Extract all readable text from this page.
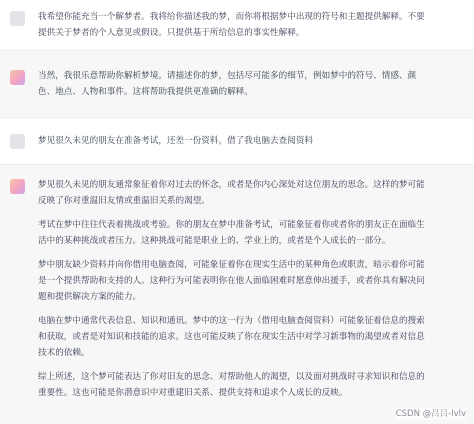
我希望你能充当一个解梦者。我将给你描述我的梦，而你将根据梦中出现的符号和主题提供解释。不要

提供关于梦者的个人意见或假设。只提供基于所给信息的事实性解释。

当然，我很乐意帮助你解析梦境。请描述你的梦，包括尽可能多的细节，例如梦中的符号、情感、颜

色、地点、人物和事件。这将帮助我提供更准确的解释。

梦见很久未见的朋友在准备考试，还差一份资料，借了我电脑去查阅资料

梦见很久未见的朋友通常象征着你对过去的怀念，或者是你内心深处对这位朋友的思念。这样的梦可能

反映了你对重温旧友情或重温旧关系的渴望。

考试在梦中往往代表着挑战或考验。你的朋友在梦中准备考试，可能象征着你或者你的朋友正在面临生

活中的某种挑战或者压力。这种挑战可能是职业上的、学业上的，或者是个人成长的一部分。

梦中朋友缺少资料并向你借用电脑查阅，可能象征着你在现实生活中的某种角色或职责，暗示着你可能

是一个提供帮助和支持的人。这种行为可能表明你在他人面临困难时愿意伸出援手，或者你具有解决问

题和提供解决方案的能力。

电脑在梦中通常代表信息、知识和通讯。梦中的这一行为（借用电脑查阅资料）可能象征着信息的搜索

和获取，或者是对知识和技能的追求。这也可能反映了你在现实生活中对学习新事物的渴望或者对信息

技术的依赖。

综上所述，这个梦可能表达了你对旧友的思念、对帮助他人的渴望，以及面对挑战时寻求知识和信息的

重要性。这也可能是你潜意识中对重建旧关系、提供支持和追求个人成长的反映。

CSDN @吕吕-lvlv
